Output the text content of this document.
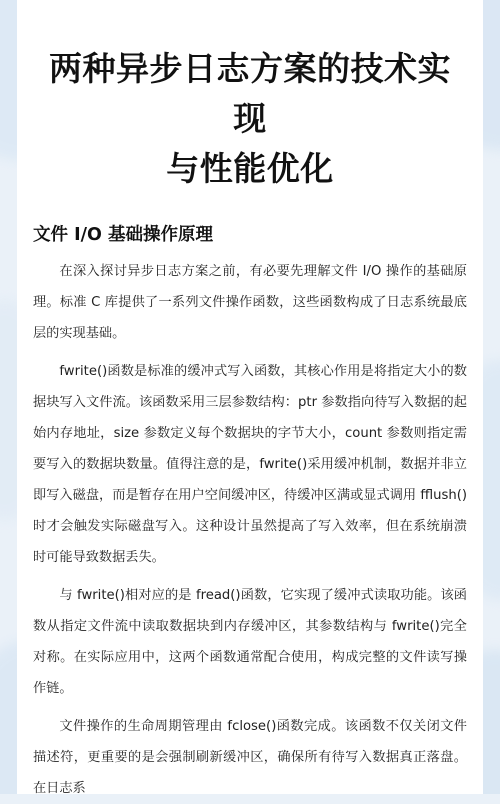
两种异步日志方案的技术实现
与性能优化
文件 I/O 基础操作原理

在深入探讨异步日志方案之前，有必要先理解文件 I/O 操作的基础原理。标准 C 库提供了一系列文件操作函数，这些函数构成了日志系统最底层的实现基础。

fwrite()函数是标准的缓冲式写入函数，其核心作用是将指定大小的数据块写入文件流。该函数采用三层参数结构：ptr 参数指向待写入数据的起始内存地址，size 参数定义每个数据块的字节大小，count 参数则指定需要写入的数据块数量。值得注意的是，fwrite()采用缓冲机制，数据并非立即写入磁盘，而是暂存在用户空间缓冲区，待缓冲区满或显式调用 fflush()时才会触发实际磁盘写入。这种设计虽然提高了写入效率，但在系统崩溃时可能导致数据丢失。

与 fwrite()相对应的是 fread()函数，它实现了缓冲式读取功能。该函数从指定文件流中读取数据块到内存缓冲区，其参数结构与 fwrite()完全对称。在实际应用中，这两个函数通常配合使用，构成完整的文件读写操作链。

文件操作的生命周期管理由 fclose()函数完成。该函数不仅关闭文件描述符，更重要的是会强制刷新缓冲区，确保所有待写入数据真正落盘。在日志系
